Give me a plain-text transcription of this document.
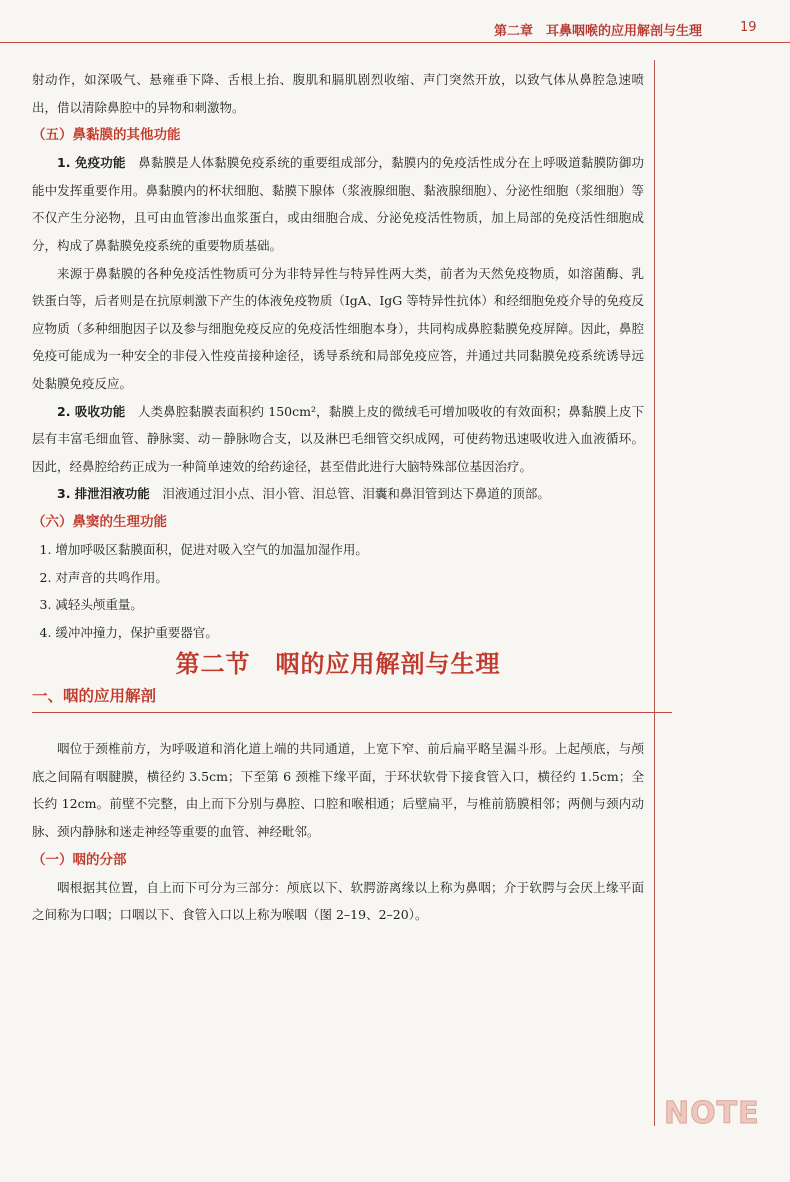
第二章　耳鼻咽喉的应用解剖与生理	19

射动作，如深吸气、悬雍垂下降、舌根上抬、腹肌和膈肌剧烈收缩、声门突然开放，以致气体从鼻腔急速喷出，借以清除鼻腔中的异物和刺激物。

（五）鼻黏膜的其他功能

1. 免疫功能　 鼻黏膜是人体黏膜免疫系统的重要组成部分，黏膜内的免疫活性成分在上呼吸道黏膜防御功能中发挥重要作用。鼻黏膜内的杯状细胞、黏膜下腺体（浆液腺细胞、黏液腺细胞）、分泌性细胞（浆细胞）等不仅产生分泌物，且可由血管渗出血浆蛋白，或由细胞合成、分泌免疫活性物质，加上局部的免疫活性细胞成分，构成了鼻黏膜免疫系统的重要物质基础。

来源于鼻黏膜的各种免疫活性物质可分为非特异性与特异性两大类，前者为天然免疫物质，如溶菌酶、乳铁蛋白等，后者则是在抗原刺激下产生的体液免疫物质（IgA、IgG 等特异性抗体）和经细胞免疫介导的免疫反应物质（多种细胞因子以及参与细胞免疫反应的免疫活性细胞本身），共同构成鼻腔黏膜免疫屏障。因此，鼻腔免疫可能成为一种安全的非侵入性疫苗接种途径，诱导系统和局部免疫应答，并通过共同黏膜免疫系统诱导远处黏膜免疫反应。

2. 吸收功能　 人类鼻腔黏膜表面积约 150cm²，黏膜上皮的微绒毛可增加吸收的有效面积；鼻黏膜上皮下层有丰富毛细血管、静脉窦、动－静脉吻合支，以及淋巴毛细管交织成网，可使药物迅速吸收进入血液循环。因此，经鼻腔给药正成为一种简单速效的给药途径，甚至借此进行大脑特殊部位基因治疗。

3. 排泄泪液功能　 泪液通过泪小点、泪小管、泪总管、泪囊和鼻泪管到达下鼻道的顶部。

（六）鼻窦的生理功能

1. 增加呼吸区黏膜面积，促进对吸入空气的加温加湿作用。

2. 对声音的共鸣作用。

3. 减轻头颅重量。

4. 缓冲冲撞力，保护重要器官。

第二节　咽的应用解剖与生理

一、咽的应用解剖

咽位于颈椎前方，为呼吸道和消化道上端的共同通道，上宽下窄、前后扁平略呈漏斗形。上起颅底，与颅底之间隔有咽腱膜，横径约 3.5cm；下至第 6 颈椎下缘平面，于环状软骨下接食管入口，横径约 1.5cm；全长约 12cm。前壁不完整，由上而下分别与鼻腔、口腔和喉相通；后壁扁平，与椎前筋膜相邻；两侧与颈内动脉、颈内静脉和迷走神经等重要的血管、神经毗邻。

（一）咽的分部

咽根据其位置，自上而下可分为三部分：颅底以下、软腭游离缘以上称为鼻咽；介于软腭与会厌上缘平面之间称为口咽；口咽以下、食管入口以上称为喉咽（图 2–19、2–20）。

NOTE
